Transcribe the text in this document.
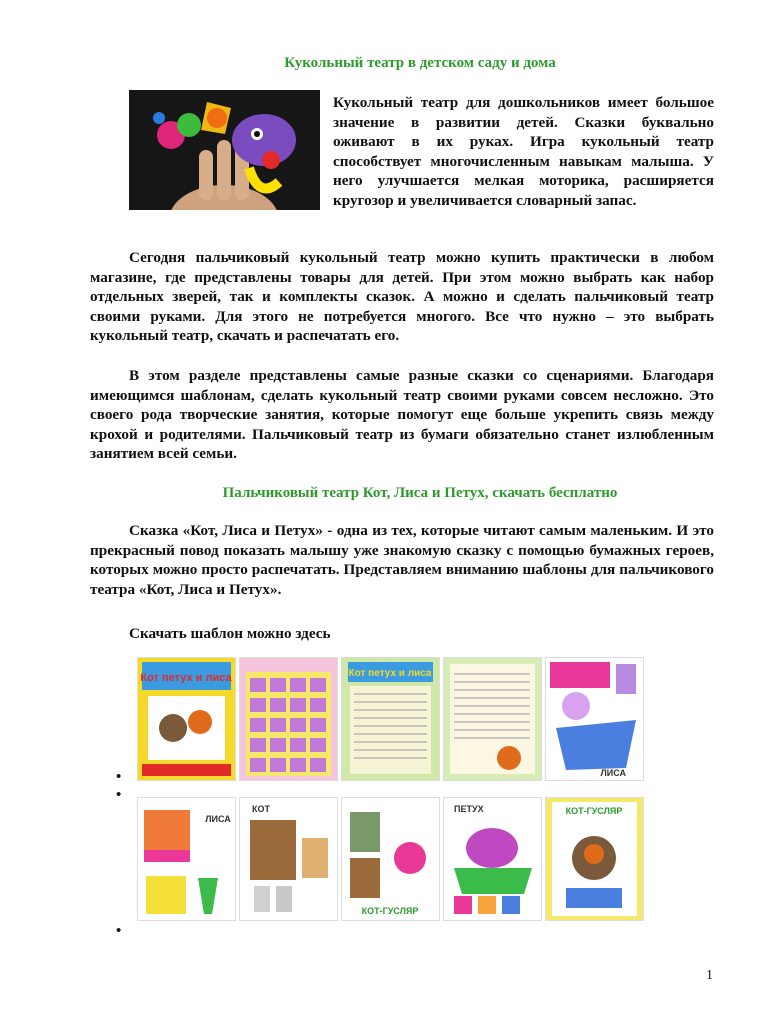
Кукольный театр в детском саду и дома
Кукольный театр для дошкольников имеет большое значение в развитии детей. Сказки буквально оживают в их руках. Игра кукольный театр способствует многочисленным навыкам малыша. У него улучшается мелкая моторика, расширяется кругозор и увеличивается словарный запас.
Сегодня пальчиковый кукольный театр можно купить практически в любом магазине, где представлены товары для детей. При этом можно выбрать как набор отдельных зверей, так и комплекты сказок. А можно и сделать пальчиковый театр своими руками. Для этого не потребуется многого. Все что нужно – это выбрать кукольный театр, скачать и распечатать его.
В этом разделе представлены самые разные сказки со сценариями. Благодаря имеющимся шаблонам, сделать кукольный театр своими руками совсем несложно. Это своего рода творческие занятия, которые помогут еще больше укрепить связь между крохой и родителями. Пальчиковый театр из бумаги обязательно станет излюбленным занятием всей семьи.
Пальчиковый театр Кот, Лиса и Петух, скачать бесплатно
Сказка «Кот, Лиса и Петух» - одна из тех, которые читают самым маленьким. И это прекрасный повод показать малышу уже знакомую сказку с помощью бумажных героев, которых можно просто распечатать. Представляем вниманию шаблоны для пальчикового театра «Кот, Лиса и Петух».
Скачать шаблон можно здесь
Кот петух и лиса	Кот петух и лиса
ЛИСА
•
•
ЛИСА
КОТ
КОТ-ГУСЛЯР
ПЕТУХ	КОТ-ГУСЛЯР
•
1
